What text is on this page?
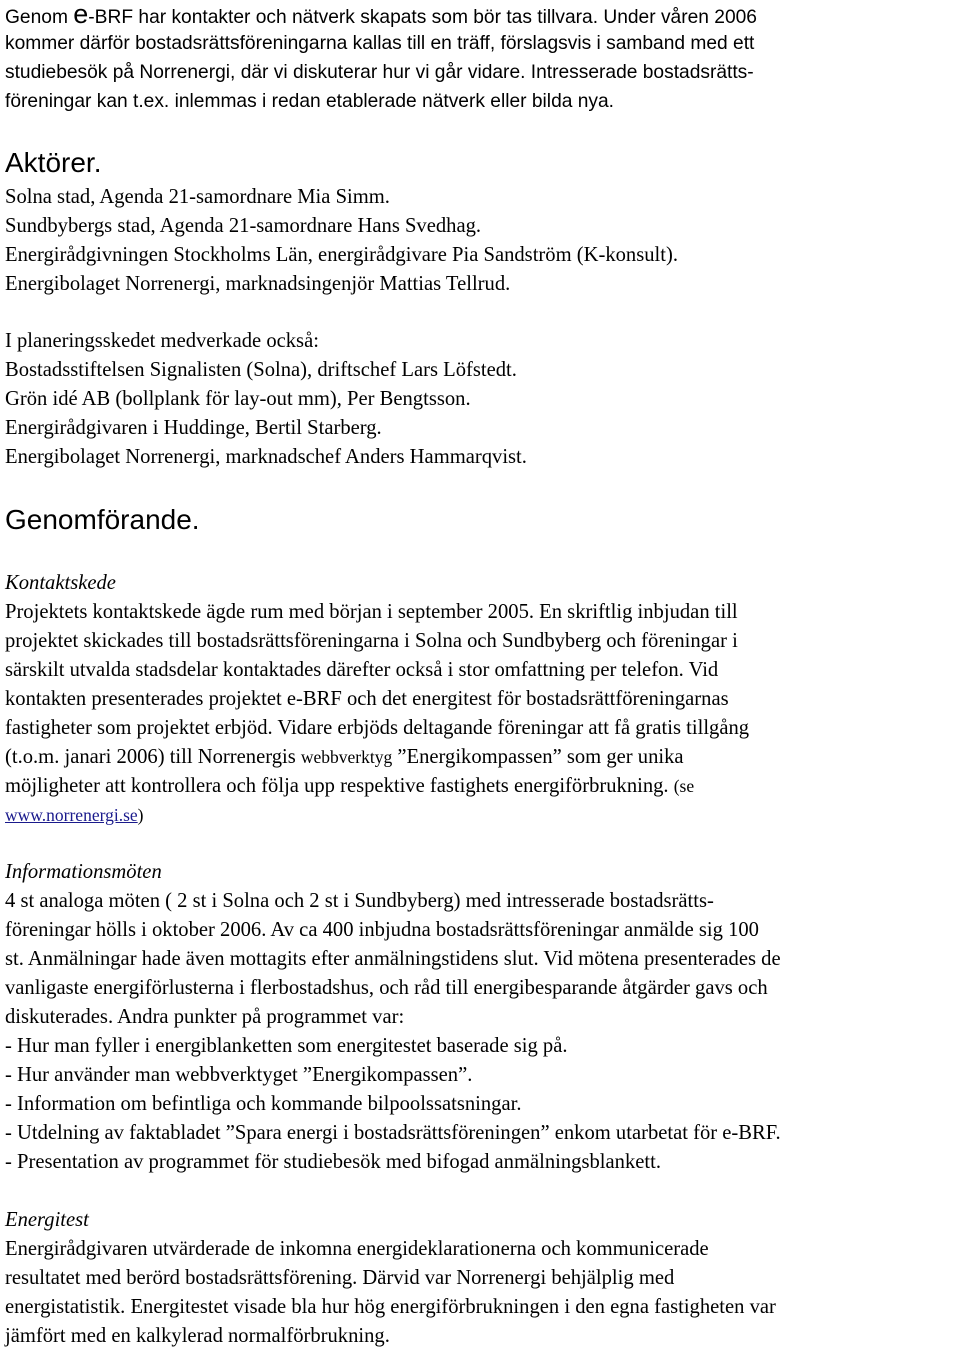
Genom e-BRF har kontakter och nätverk skapats som bör tas tillvara. Under våren 2006
kommer därför bostadsrättsföreningarna kallas till en träff, förslagsvis i samband med ett
studiebesök på Norrenergi, där vi diskuterar hur vi går vidare. Intresserade bostadsrätts-
föreningar kan t.ex. inlemmas i redan etablerade nätverk eller bilda nya.
Aktörer.
Solna stad, Agenda 21-samordnare Mia Simm.
Sundbybergs stad, Agenda 21-samordnare Hans Svedhag.
Energirådgivningen Stockholms Län, energirådgivare Pia Sandström (K-konsult).
Energibolaget Norrenergi, marknadsingenjör Mattias Tellrud.
I planeringsskedet medverkade också:
Bostadsstiftelsen Signalisten (Solna), driftschef Lars Löfstedt.
Grön idé AB (bollplank för lay-out mm), Per Bengtsson.
Energirådgivaren i Huddinge, Bertil Starberg.
Energibolaget Norrenergi, marknadschef Anders Hammarqvist.
Genomförande.
Kontaktskede
Projektets kontaktskede ägde rum med början i september 2005. En skriftlig inbjudan till
projektet skickades till bostadsrättsföreningarna i Solna och Sundbyberg och föreningar i
särskilt utvalda stadsdelar kontaktades därefter också i stor omfattning per telefon. Vid
kontakten presenterades projektet e-BRF och det energitest för bostadsrättföreningarnas
fastigheter som projektet erbjöd. Vidare erbjöds deltagande föreningar att få gratis tillgång
(t.o.m. janari 2006) till Norrenergis webbverktyg ”Energikompassen” som ger unika
möjligheter att kontrollera och följa upp respektive fastighets energiförbrukning. (se
www.norrenergi.se)
Informationsmöten
4 st analoga möten ( 2 st i Solna och 2 st i Sundbyberg) med intresserade bostadsrätts-
föreningar hölls i oktober 2006. Av ca 400 inbjudna bostadsrättsföreningar anmälde sig 100
st. Anmälningar hade även mottagits efter anmälningstidens slut. Vid mötena presenterades de
vanligaste energiförlusterna i flerbostadshus, och råd till energibesparande åtgärder gavs och
diskuterades. Andra punkter på programmet var:
- Hur man fyller i energiblanketten som energitestet baserade sig på.
- Hur använder man webbverktyget ”Energikompassen”.
- Information om befintliga och kommande bilpoolssatsningar.
- Utdelning av faktabladet ”Spara energi i bostadsrättsföreningen” enkom utarbetat för e-BRF.
- Presentation av programmet för studiebesök med bifogad anmälningsblankett.
Energitest
Energirådgivaren utvärderade de inkomna energideklarationerna och kommunicerade
resultatet med berörd bostadsrättsförening. Därvid var Norrenergi behjälplig med
energistatistik. Energitestet visade bla hur hög energiförbrukningen i den egna fastigheten var
jämfört med en kalkylerad normalförbrukning.
